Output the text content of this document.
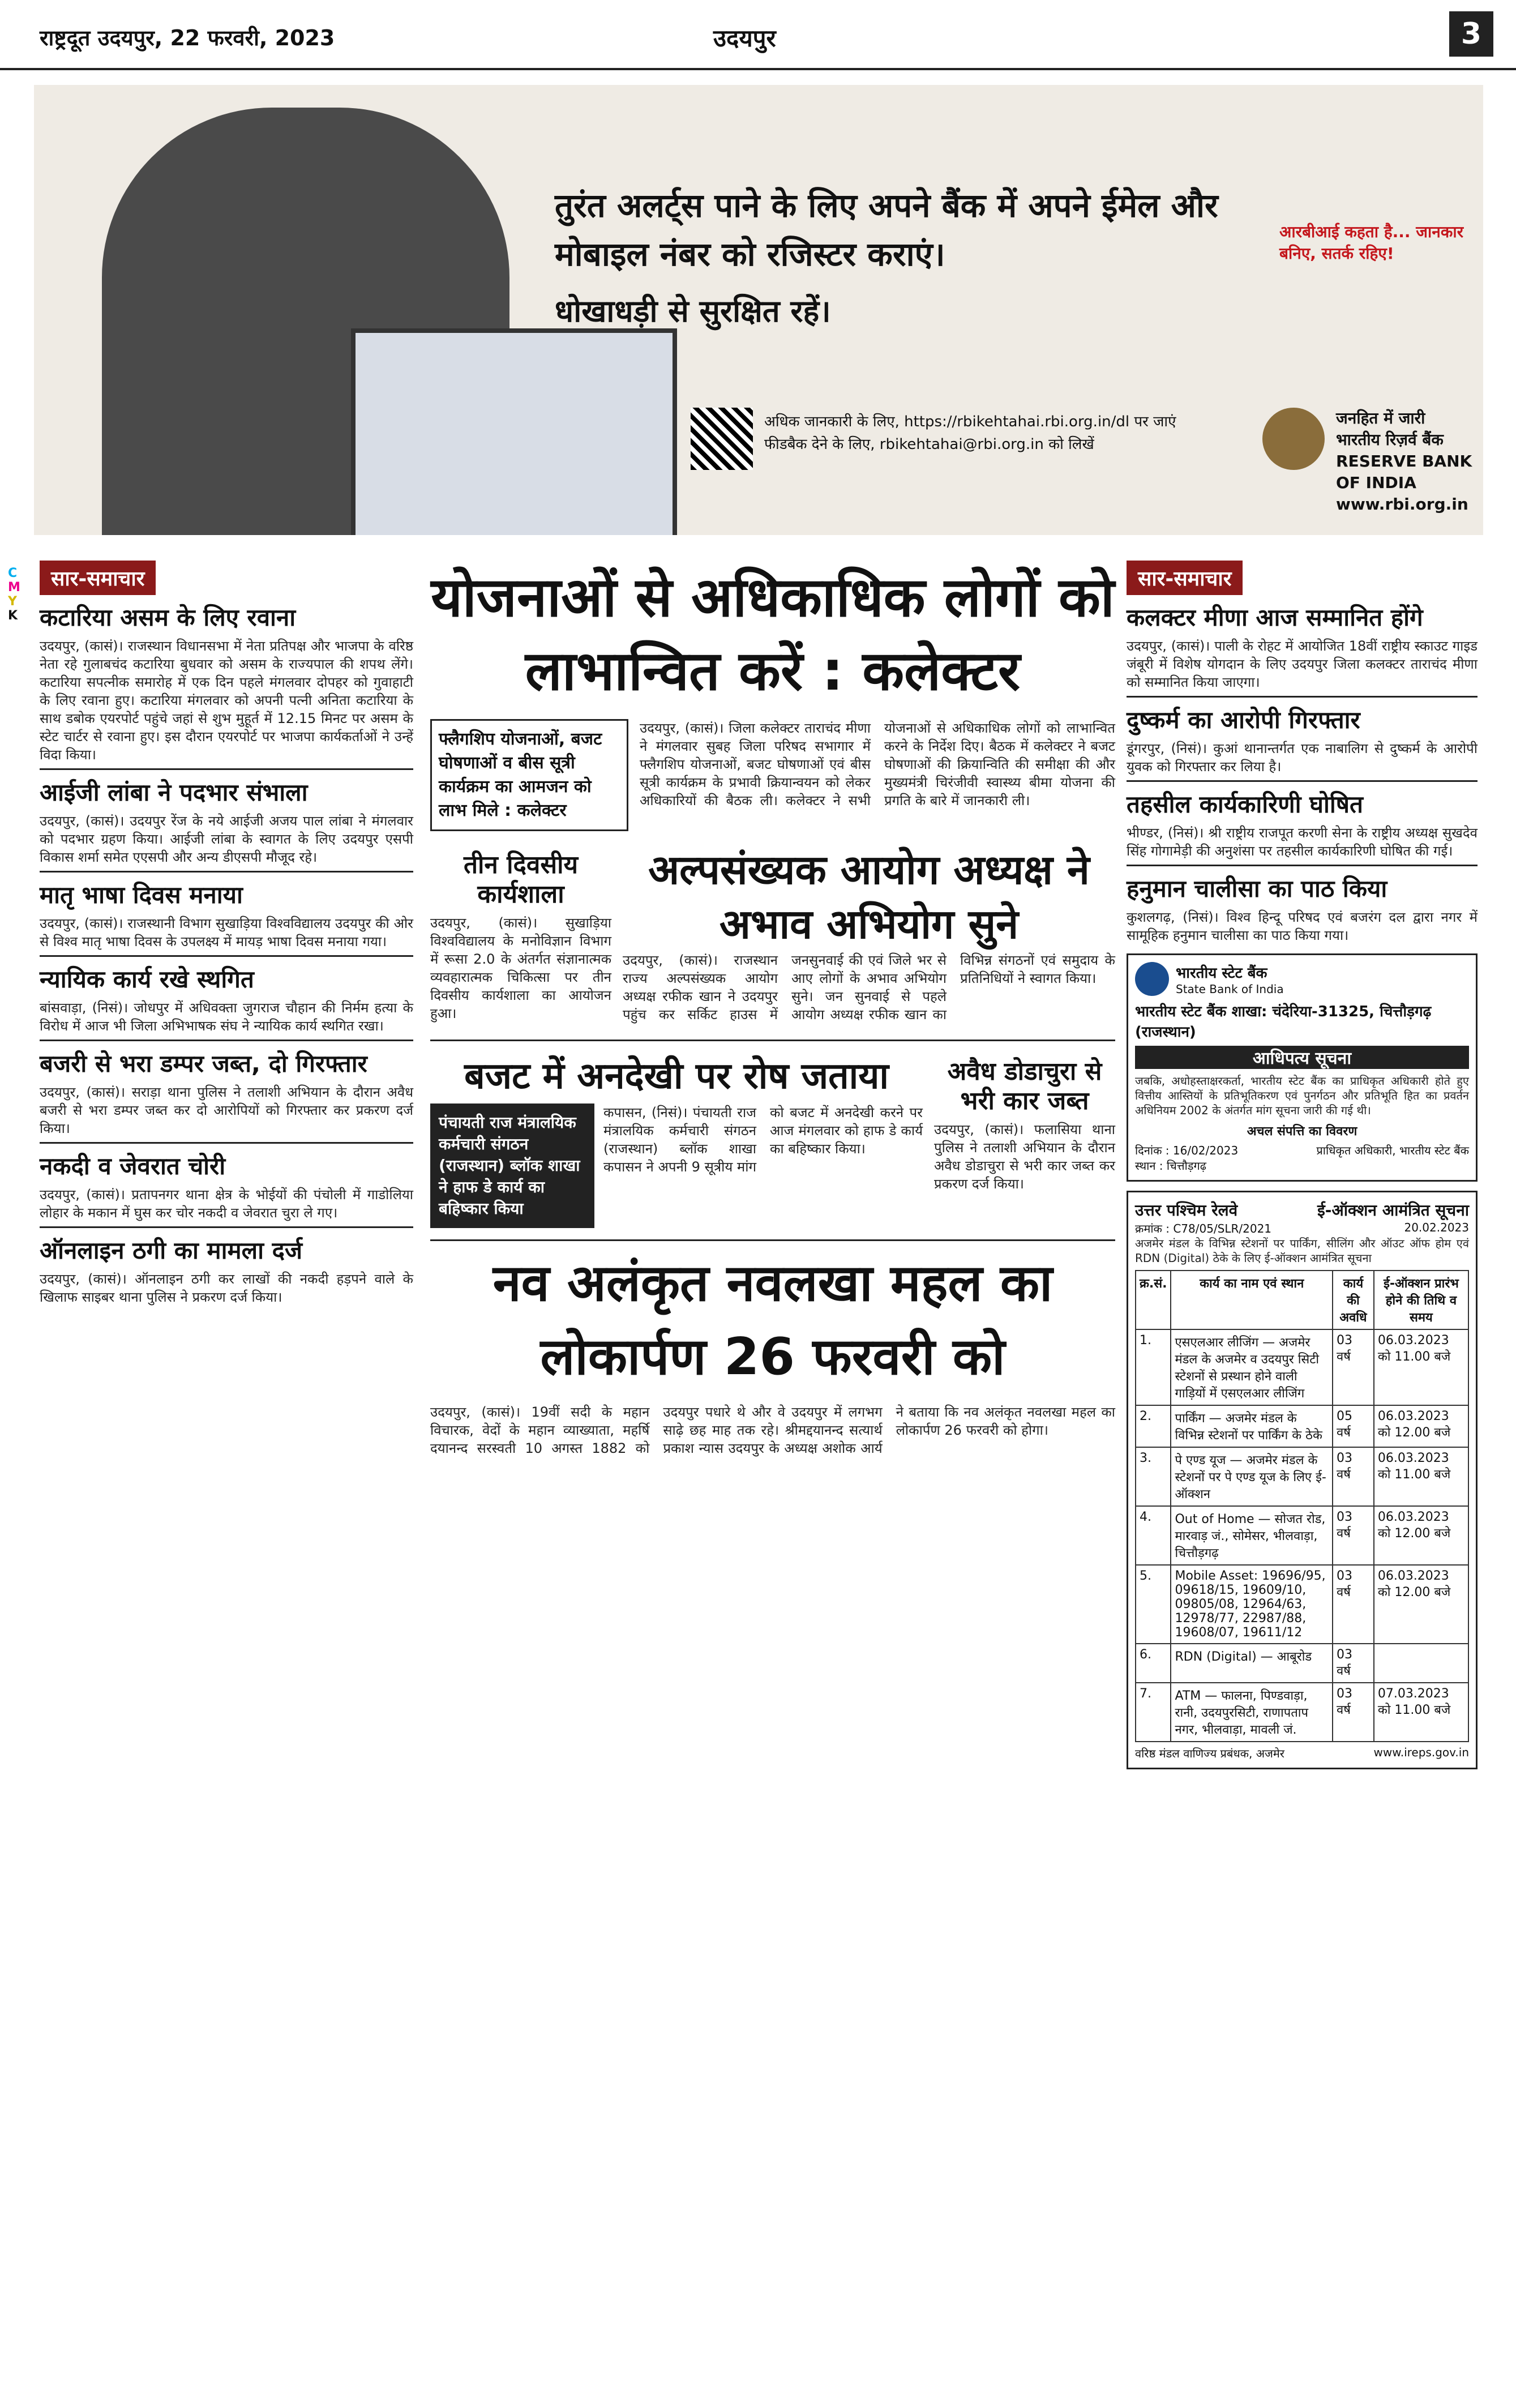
राष्ट्रदूत उदयपुर, 22 फरवरी, 2023	उदयपुर	3
तुरंत अलर्ट्स पाने के लिए अपने बैंक में अपने ईमेल और मोबाइल नंबर को रजिस्टर कराएं।
धोखाधड़ी से सुरक्षित रहें।
अधिक जानकारी के लिए, https://rbikehtahai.rbi.org.in/dl पर जाएं
फीडबैक देने के लिए, rbikehtahai@rbi.org.in को लिखें
आरबीआई कहता है... जानकार बनिए, सतर्क रहिए!
जनहित में जारी
भारतीय रिज़र्व बैंक
RESERVE BANK OF INDIA
www.rbi.org.in
C
M
Y
K
सार-समाचार
कटारिया असम के लिए रवाना

उदयपुर, (कासं)। राजस्थान विधानसभा में नेता प्रतिपक्ष और भाजपा के वरिष्ठ नेता रहे गुलाबचंद कटारिया बुधवार को असम के राज्यपाल की शपथ लेंगे। कटारिया सपत्नीक समारोह में एक दिन पहले मंगलवार दोपहर को गुवाहाटी के लिए रवाना हुए। कटारिया मंगलवार को अपनी पत्नी अनिता कटारिया के साथ डबोक एयरपोर्ट पहुंचे जहां से शुभ मुहूर्त में 12.15 मिनट पर असम के स्टेट चार्टर से रवाना हुए। इस दौरान एयरपोर्ट पर भाजपा कार्यकर्ताओं ने उन्हें विदा किया।

आईजी लांबा ने पदभार संभाला

उदयपुर, (कासं)। उदयपुर रेंज के नये आईजी अजय पाल लांबा ने मंगलवार को पदभार ग्रहण किया। आईजी लांबा के स्वागत के लिए उदयपुर एसपी विकास शर्मा समेत एएसपी और अन्य डीएसपी मौजूद रहे।

मातृ भाषा दिवस मनाया

उदयपुर, (कासं)। राजस्थानी विभाग सुखाड़िया विश्वविद्यालय उदयपुर की ओर से विश्व मातृ भाषा दिवस के उपलक्ष्य में मायड़ भाषा दिवस मनाया गया।

न्यायिक कार्य रखे स्थगित

बांसवाड़ा, (निसं)। जोधपुर में अधिवक्ता जुगराज चौहान की निर्मम हत्या के विरोध में आज भी जिला अभिभाषक संघ ने न्यायिक कार्य स्थगित रखा।

बजरी से भरा डम्पर जब्त, दो गिरफ्तार

उदयपुर, (कासं)। सराड़ा थाना पुलिस ने तलाशी अभियान के दौरान अवैध बजरी से भरा डम्पर जब्त कर दो आरोपियों को गिरफ्तार कर प्रकरण दर्ज किया।

नकदी व जेवरात चोरी

उदयपुर, (कासं)। प्रतापनगर थाना क्षेत्र के भोईयों की पंचोली में गाडोलिया लोहार के मकान में घुस कर चोर नकदी व जेवरात चुरा ले गए।

ऑनलाइन ठगी का मामला दर्ज

उदयपुर, (कासं)। ऑनलाइन ठगी कर लाखों की नकदी हड़पने वाले के खिलाफ साइबर थाना पुलिस ने प्रकरण दर्ज किया।

योजनाओं से अधिकाधिक लोगों को लाभान्वित करें : कलेक्टर
फ्लैगशिप योजनाओं, बजट घोषणाओं व बीस सूत्री कार्यक्रम का आमजन को लाभ मिले : कलेक्टर

उदयपुर, (कासं)। जिला कलेक्टर ताराचंद मीणा ने मंगलवार सुबह जिला परिषद सभागार में फ्लैगशिप योजनाओं, बजट घोषणाओं एवं बीस सूत्री कार्यक्रम के प्रभावी क्रियान्वयन को लेकर अधिकारियों की बैठक ली। कलेक्टर ने सभी योजनाओं से अधिकाधिक लोगों को लाभान्वित करने के निर्देश दिए। बैठक में कलेक्टर ने बजट घोषणाओं की क्रियान्विति की समीक्षा की और मुख्यमंत्री चिरंजीवी स्वास्थ्य बीमा योजना की प्रगति के बारे में जानकारी ली।

तीन दिवसीय कार्यशाला

उदयपुर, (कासं)। सुखाड़िया विश्वविद्यालय के मनोविज्ञान विभाग में रूसा 2.0 के अंतर्गत संज्ञानात्मक व्यवहारात्मक चिकित्सा पर तीन दिवसीय कार्यशाला का आयोजन हुआ।

अल्पसंख्यक आयोग अध्यक्ष ने अभाव अभियोग सुने

उदयपुर, (कासं)। राजस्थान राज्य अल्पसंख्यक आयोग अध्यक्ष रफीक खान ने उदयपुर पहुंच कर सर्किट हाउस में जनसुनवाई की एवं जिले भर से आए लोगों के अभाव अभियोग सुने। जन सुनवाई से पहले आयोग अध्यक्ष रफीक खान का विभिन्न संगठनों एवं समुदाय के प्रतिनिधियों ने स्वागत किया।

बजट में अनदेखी पर रोष जताया
पंचायती राज मंत्रालयिक कर्मचारी संगठन (राजस्थान) ब्लॉक शाखा ने हाफ डे कार्य का बहिष्कार किया

कपासन, (निसं)। पंचायती राज मंत्रालयिक कर्मचारी संगठन (राजस्थान) ब्लॉक शाखा कपासन ने अपनी 9 सूत्रीय मांग को बजट में अनदेखी करने पर आज मंगलवार को हाफ डे कार्य का बहिष्कार किया।

अवैध डोडाचुरा से भरी कार जब्त

उदयपुर, (कासं)। फलासिया थाना पुलिस ने तलाशी अभियान के दौरान अवैध डोडाचुरा से भरी कार जब्त कर प्रकरण दर्ज किया।

नव अलंकृत नवलखा महल का लोकार्पण 26 फरवरी को

उदयपुर, (कासं)। 19वीं सदी के महान विचारक, वेदों के महान व्याख्याता, महर्षि दयानन्द सरस्वती 10 अगस्त 1882 को उदयपुर पधारे थे और वे उदयपुर में लगभग साढ़े छह माह तक रहे। श्रीमद्दयानन्द सत्यार्थ प्रकाश न्यास उदयपुर के अध्यक्ष अशोक आर्य ने बताया कि नव अलंकृत नवलखा महल का लोकार्पण 26 फरवरी को होगा।

सार-समाचार
कलक्टर मीणा आज सम्मानित होंगे

उदयपुर, (कासं)। पाली के रोहट में आयोजित 18वीं राष्ट्रीय स्काउट गाइड जंबूरी में विशेष योगदान के लिए उदयपुर जिला कलक्टर ताराचंद मीणा को सम्मानित किया जाएगा।

दुष्कर्म का आरोपी गिरफ्तार

डूंगरपुर, (निसं)। कुआं थानान्तर्गत एक नाबालिग से दुष्कर्म के आरोपी युवक को गिरफ्तार कर लिया है।

तहसील कार्यकारिणी घोषित

भीण्डर, (निसं)। श्री राष्ट्रीय राजपूत करणी सेना के राष्ट्रीय अध्यक्ष सुखदेव सिंह गोगामेड़ी की अनुशंसा पर तहसील कार्यकारिणी घोषित की गई।

हनुमान चालीसा का पाठ किया

कुशलगढ़, (निसं)। विश्व हिन्दू परिषद एवं बजरंग दल द्वारा नगर में सामूहिक हनुमान चालीसा का पाठ किया गया।

भारतीय स्टेट बैंक
State Bank of India
भारतीय स्टेट बैंक शाखा: चंदेरिया-31325, चित्तौड़गढ़ (राजस्थान)
आधिपत्य सूचना

जबकि, अधोहस्ताक्षरकर्ता, भारतीय स्टेट बैंक का प्राधिकृत अधिकारी होते हुए वित्तीय आस्तियों के प्रतिभूतिकरण एवं पुनर्गठन और प्रतिभूति हित का प्रवर्तन अधिनियम 2002 के अंतर्गत मांग सूचना जारी की गई थी।

अचल संपत्ति का विवरण
दिनांक : 16/02/2023
स्थान : चित्तौड़गढ़
प्राधिकृत अधिकारी, भारतीय स्टेट बैंक
उत्तर पश्चिम रेलवे	ई-ऑक्शन आमंत्रित सूचना
क्रमांक : C78/05/SLR/2021	20.02.2023

अजमेर मंडल के विभिन्न स्टेशनों पर पार्किंग, सीलिंग और ऑउट ऑफ होम एवं RDN (Digital) ठेके के लिए ई-ऑक्शन आमंत्रित सूचना

क्र.सं.	कार्य का नाम एवं स्थान	कार्य की अवधि	ई-ऑक्शन प्रारंभ होने की तिथि व समय
1.	एसएलआर लीजिंग — अजमेर मंडल के अजमेर व उदयपुर सिटी स्टेशनों से प्रस्थान होने वाली गाड़ियों में एसएलआर लीजिंग	03 वर्ष	06.03.2023 को 11.00 बजे
2.	पार्किंग — अजमेर मंडल के विभिन्न स्टेशनों पर पार्किंग के ठेके	05 वर्ष	06.03.2023 को 12.00 बजे
3.	पे एण्ड यूज — अजमेर मंडल के स्टेशनों पर पे एण्ड यूज के लिए ई-ऑक्शन	03 वर्ष	06.03.2023 को 11.00 बजे
4.	Out of Home — सोजत रोड, मारवाड़ जं., सोमेसर, भीलवाड़ा, चित्तौड़गढ़	03 वर्ष	06.03.2023 को 12.00 बजे
5.	Mobile Asset: 19696/95, 09618/15, 19609/10, 09805/08, 12964/63, 12978/77, 22987/88, 19608/07, 19611/12	03 वर्ष	06.03.2023 को 12.00 बजे
6.	RDN (Digital) — आबूरोड	03 वर्ष	
7.	ATM — फालना, पिण्डवाड़ा, रानी, उदयपुरसिटी, राणापताप नगर, भीलवाड़ा, मावली जं.	03 वर्ष	07.03.2023 को 11.00 बजे
वरिष्ठ मंडल वाणिज्य प्रबंधक, अजमेर	www.ireps.gov.in
